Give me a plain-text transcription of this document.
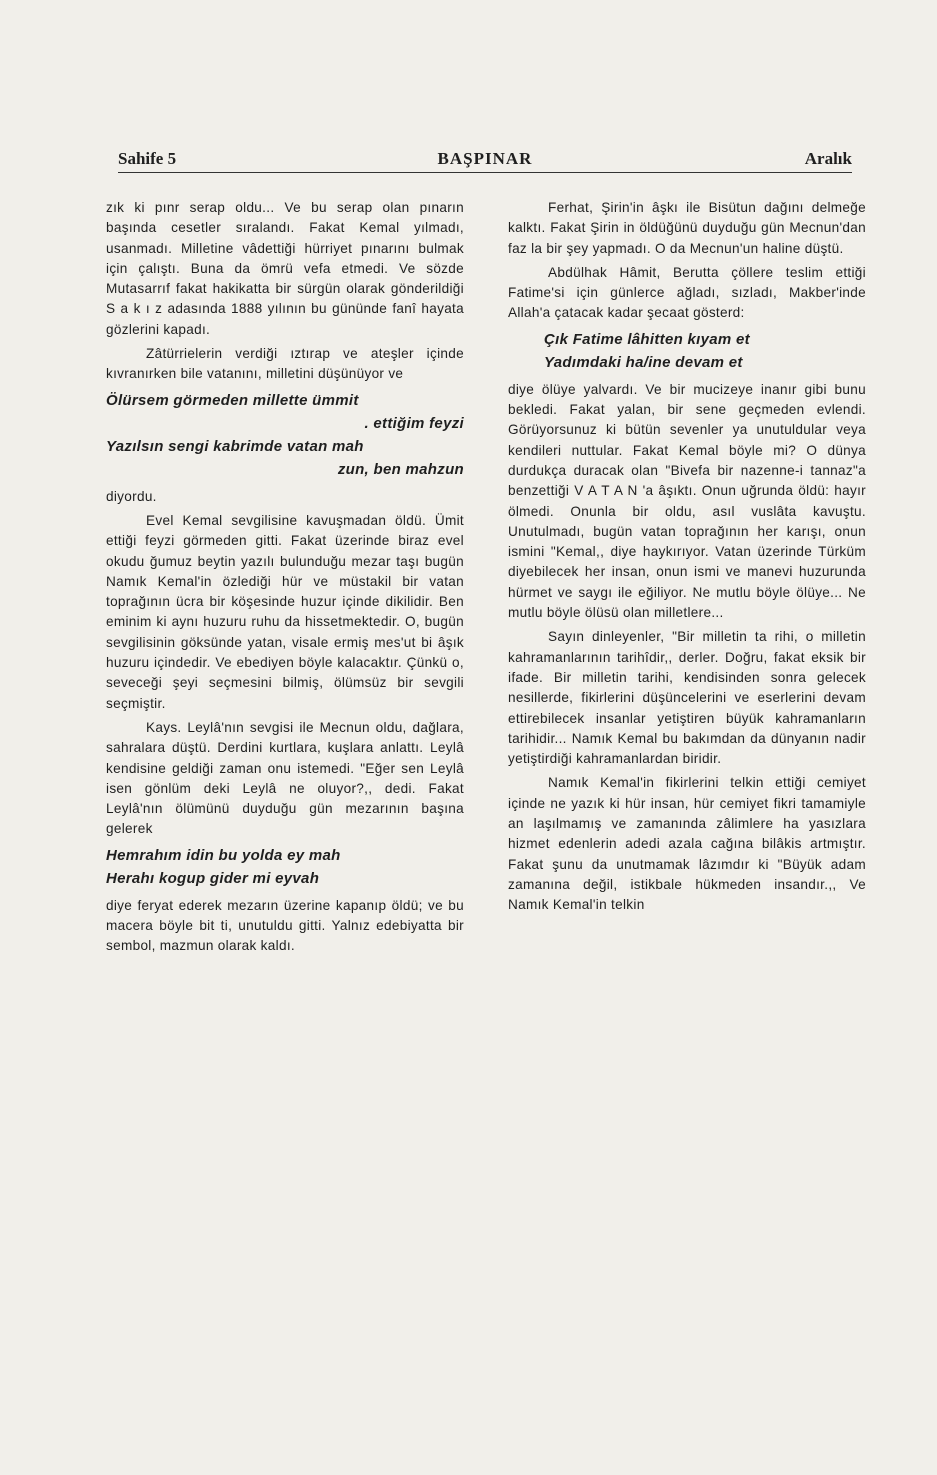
Sahife 5	BAŞPINAR	Aralık

zık ki pınr serap oldu... Ve bu serap olan pınarın başında cesetler sıralandı. Fakat Kemal yılmadı, usanmadı. Milletine vâdettiği hürriyet pınarını bulmak için çalıştı. Buna da ömrü vefa etmedi. Ve sözde Mutasarrıf fakat hakikatta bir sürgün olarak gönderildiği S a k ı z adasında 1888 yılının bu gününde fanî hayata gözlerini kapadı.

Zâtürrielerin verdiği ıztırap ve ateşler içinde kıvranırken bile vatanını, milletini düşünüyor ve

Ölürsem görmeden millette ümmit
. ettiğim feyzi
Yazılsın sengi kabrimde vatan mah
zun, ben mahzun

diyordu.

Evel Kemal sevgilisine kavuşmadan öldü. Ümit ettiği feyzi görmeden gitti. Fakat üzerinde biraz evel okudu ğumuz beytin yazılı bulunduğu mezar taşı bugün Namık Kemal'in özlediği hür ve müstakil bir vatan toprağının ücra bir köşesinde huzur içinde dikilidir. Ben eminim ki aynı huzuru ruhu da hissetmektedir. O, bugün sevgilisinin göksünde yatan, visale ermiş mes'ut bi âşık huzuru içindedir. Ve ebediyen böyle kalacaktır. Çünkü o, seveceği şeyi seçmesini bilmiş, ölümsüz bir sevgili seçmiştir.

Kays. Leylâ'nın sevgisi ile Mecnun oldu, dağlara, sahralara düştü. Derdini kurtlara, kuşlara anlattı. Leylâ kendisine geldiği zaman onu istemedi. "Eğer sen Leylâ isen gönlüm deki Leylâ ne oluyor?,, dedi. Fakat Leylâ'nın ölümünü duyduğu gün mezarının başına gelerek

Hemrahım idin bu yolda ey mah
Herahı kogup gider mi eyvah

diye feryat ederek mezarın üzerine kapanıp öldü; ve bu macera böyle bit ti, unutuldu gitti. Yalnız edebiyatta bir sembol, mazmun olarak kaldı.

Ferhat, Şirin'in âşkı ile Bisütun dağını delmeğe kalktı. Fakat Şirin in öldüğünü duyduğu gün Mecnun'dan faz la bir şey yapmadı. O da Mecnun'un haline düştü.

Abdülhak Hâmit, Berutta çöllere teslim ettiği Fatime'si için günlerce ağladı, sızladı, Makber'inde Allah'a çatacak kadar şecaat gösterd:

Çık Fatime lâhitten kıyam et
Yadımdaki ha/ine devam et

diye ölüye yalvardı. Ve bir mucizeye inanır gibi bunu bekledi. Fakat yalan, bir sene geçmeden evlendi. Görüyorsunuz ki bütün sevenler ya unutuldular veya kendileri nuttular. Fakat Kemal böyle mi? O dünya durdukça duracak olan "Bivefa bir nazenne-i tannaz"a benzettiği V A T A N 'a âşıktı. Onun uğrunda öldü: hayır ölmedi. Onunla bir oldu, asıl vuslâta kavuştu. Unutulmadı, bugün vatan toprağının her karışı, onun ismini "Kemal,, diye haykırıyor. Vatan üzerinde Türküm diyebilecek her insan, onun ismi ve manevi huzurunda hürmet ve saygı ile eğiliyor. Ne mutlu böyle ölüye... Ne mutlu böyle ölüsü olan milletlere...

Sayın dinleyenler, "Bir milletin ta rihi, o milletin kahramanlarının tarihîdir,, derler. Doğru, fakat eksik bir ifade. Bir milletin tarihi, kendisinden sonra gelecek nesillerde, fikirlerini düşüncelerini ve eserlerini devam ettirebilecek insanlar yetiştiren büyük kahramanların tarihidir... Namık Kemal bu bakımdan da dünyanın nadir yetiştirdiği kahramanlardan biridir.

Namık Kemal'in fikirlerini telkin ettiği cemiyet içinde ne yazık ki hür insan, hür cemiyet fikri tamamiyle an laşılmamış ve zamanında zâlimlere ha yasızlara hizmet edenlerin adedi azala cağına bilâkis artmıştır. Fakat şunu da unutmamak lâzımdır ki "Büyük adam zamanına değil, istikbale hükmeden insandır.,, Ve Namık Kemal'in telkin
